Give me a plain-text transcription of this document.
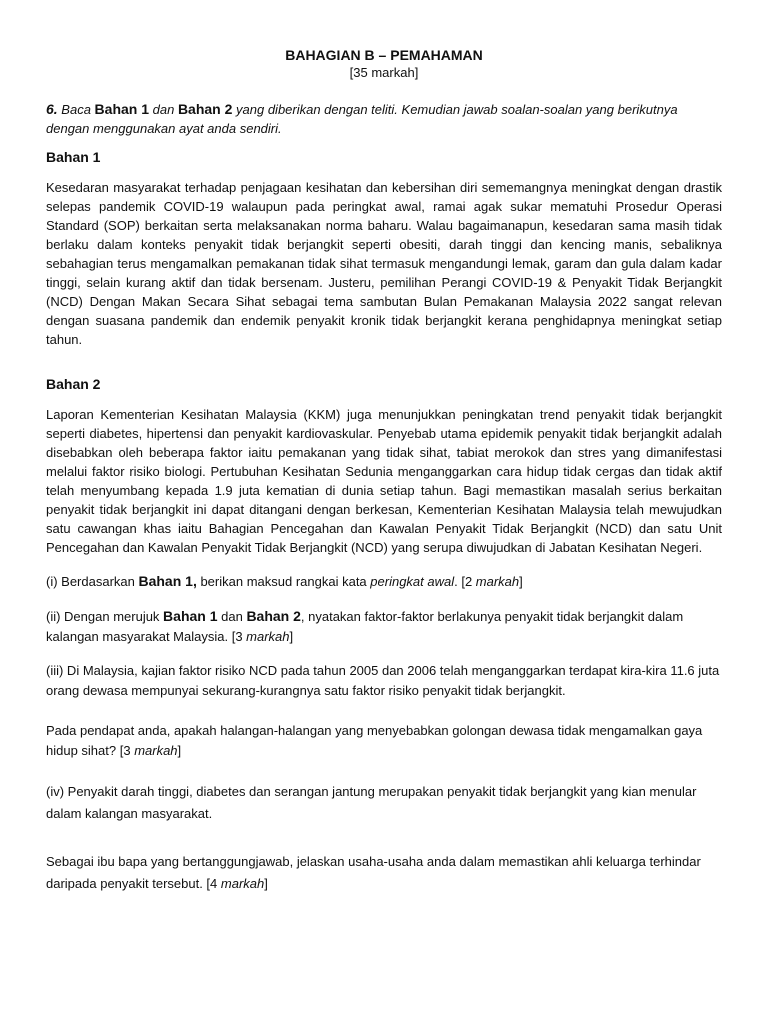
BAHAGIAN B – PEMAHAMAN

[35 markah]

6. Baca Bahan 1 dan Bahan 2 yang diberikan dengan teliti. Kemudian jawab soalan-soalan yang berikutnya dengan menggunakan ayat anda sendiri.

Bahan 1

Kesedaran masyarakat terhadap penjagaan kesihatan dan kebersihan diri sememangnya meningkat dengan drastik selepas pandemik COVID-19 walaupun pada peringkat awal, ramai agak sukar mematuhi Prosedur Operasi Standard (SOP) berkaitan serta melaksanakan norma baharu. Walau bagaimanapun, kesedaran sama masih tidak berlaku dalam konteks penyakit tidak berjangkit seperti obesiti, darah tinggi dan kencing manis, sebaliknya sebahagian terus mengamalkan pemakanan tidak sihat termasuk mengandungi lemak, garam dan gula dalam kadar tinggi, selain kurang aktif dan tidak bersenam. Justeru, pemilihan Perangi COVID-19 & Penyakit Tidak Berjangkit (NCD) Dengan Makan Secara Sihat sebagai tema sambutan Bulan Pemakanan Malaysia 2022 sangat relevan dengan suasana pandemik dan endemik penyakit kronik tidak berjangkit kerana penghidapnya meningkat setiap tahun.

Bahan 2

Laporan Kementerian Kesihatan Malaysia (KKM) juga menunjukkan peningkatan trend penyakit tidak berjangkit seperti diabetes, hipertensi dan penyakit kardiovaskular. Penyebab utama epidemik penyakit tidak berjangkit adalah disebabkan oleh beberapa faktor iaitu pemakanan yang tidak sihat, tabiat merokok dan stres yang dimanifestasi melalui faktor risiko biologi. Pertubuhan Kesihatan Sedunia menganggarkan cara hidup tidak cergas dan tidak aktif telah menyumbang kepada 1.9 juta kematian di dunia setiap tahun. Bagi memastikan masalah serius berkaitan penyakit tidak berjangkit ini dapat ditangani dengan berkesan, Kementerian Kesihatan Malaysia telah mewujudkan satu cawangan khas iaitu Bahagian Pencegahan dan Kawalan Penyakit Tidak Berjangkit (NCD) dan satu Unit Pencegahan dan Kawalan Penyakit Tidak Berjangkit (NCD) yang serupa diwujudkan di Jabatan Kesihatan Negeri.

(i) Berdasarkan Bahan 1, berikan maksud rangkai kata peringkat awal. [2 markah]

(ii) Dengan merujuk Bahan 1 dan Bahan 2, nyatakan faktor-faktor berlakunya penyakit tidak berjangkit dalam kalangan masyarakat Malaysia. [3 markah]

(iii) Di Malaysia, kajian faktor risiko NCD pada tahun 2005 dan 2006 telah menganggarkan terdapat kira-kira 11.6 juta orang dewasa mempunyai sekurang-kurangnya satu faktor risiko penyakit tidak berjangkit.

Pada pendapat anda, apakah halangan-halangan yang menyebabkan golongan dewasa tidak mengamalkan gaya hidup sihat? [3 markah]

(iv) Penyakit darah tinggi, diabetes dan serangan jantung merupakan penyakit tidak berjangkit yang kian menular dalam kalangan masyarakat.

Sebagai ibu bapa yang bertanggungjawab, jelaskan usaha-usaha anda dalam memastikan ahli keluarga terhindar daripada penyakit tersebut. [4 markah]
